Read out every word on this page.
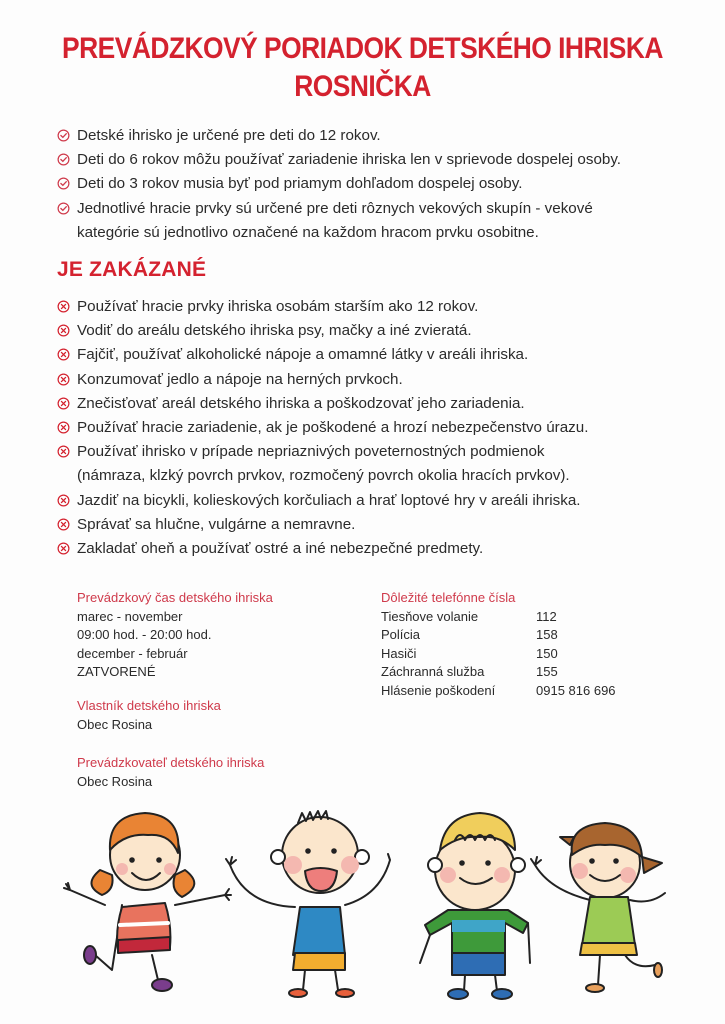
PREVÁDZKOVÝ PORIADOK DETSKÉHO IHRISKA
ROSNIČKA
Detské ihrisko je určené pre deti do 12 rokov.
Deti do 6 rokov môžu používať zariadenie ihriska len v sprievode dospelej osoby.
Deti do 3 rokov musia byť pod priamym dohľadom dospelej osoby.
Jednotlivé hracie prvky sú určené pre deti rôznych vekových skupín - vekové
kategórie sú jednotlivo označené na každom hracom prvku osobitne.
JE ZAKÁZANÉ
Používať hracie prvky ihriska osobám starším ako 12 rokov.
Vodiť do areálu detského ihriska psy, mačky a iné zvieratá.
Fajčiť, používať alkoholické nápoje a omamné látky v areáli ihriska.
Konzumovať jedlo a nápoje na herných prvkoch.
Znečisťovať areál detského ihriska a poškodzovať jeho zariadenia.
Používať hracie zariadenie, ak je poškodené a hrozí nebezpečenstvo úrazu.
Používať ihrisko v prípade nepriaznivých poveternostných podmienok
(námraza, klzký povrch prvkov, rozmočený povrch okolia hracích prvkov).
Jazdiť na bicykli, kolieskových korčuliach a hrať loptové hry v areáli ihriska.
Správať sa hlučne, vulgárne a nemravne.
Zakladať oheň a používať ostré a iné nebezpečné predmety.
Prevádzkový čas detského ihriska
marec - november
09:00 hod. - 20:00 hod.
december - február
ZATVORENÉ
Vlastník detského ihriska
Obec Rosina
Prevádzkovateľ detského ihriska
Obec Rosina
Dôležité telefónne čísla
Tiesňove volanie	112
Polícia	158
Hasiči	150
Záchranná služba	155
Hlásenie poškodení	0915 816 696
